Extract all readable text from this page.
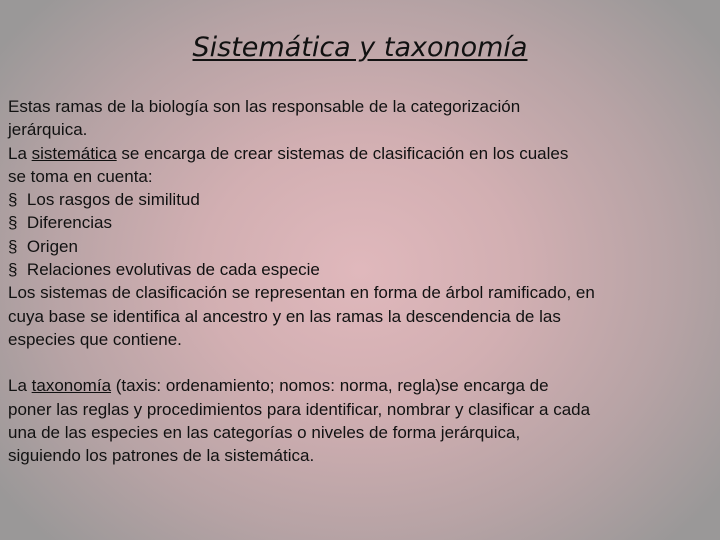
Sistemática y taxonomía
Estas ramas de la biología son las responsable de la categorización
jerárquica.
La sistemática se encarga de crear sistemas de clasificación en los cuales
se toma en cuenta:
§ Los rasgos de similitud
§ Diferencias
§ Origen
§ Relaciones evolutivas de cada especie
Los sistemas de clasificación se representan en forma de árbol ramificado, en
cuya base se identifica al ancestro y en las ramas la descendencia de las
especies que contiene.
La taxonomía (taxis: ordenamiento; nomos: norma, regla)se encarga de
poner las reglas y procedimientos para identificar, nombrar y clasificar a cada
una de las especies en las categorías o niveles de forma jerárquica,
siguiendo los patrones de la sistemática.
